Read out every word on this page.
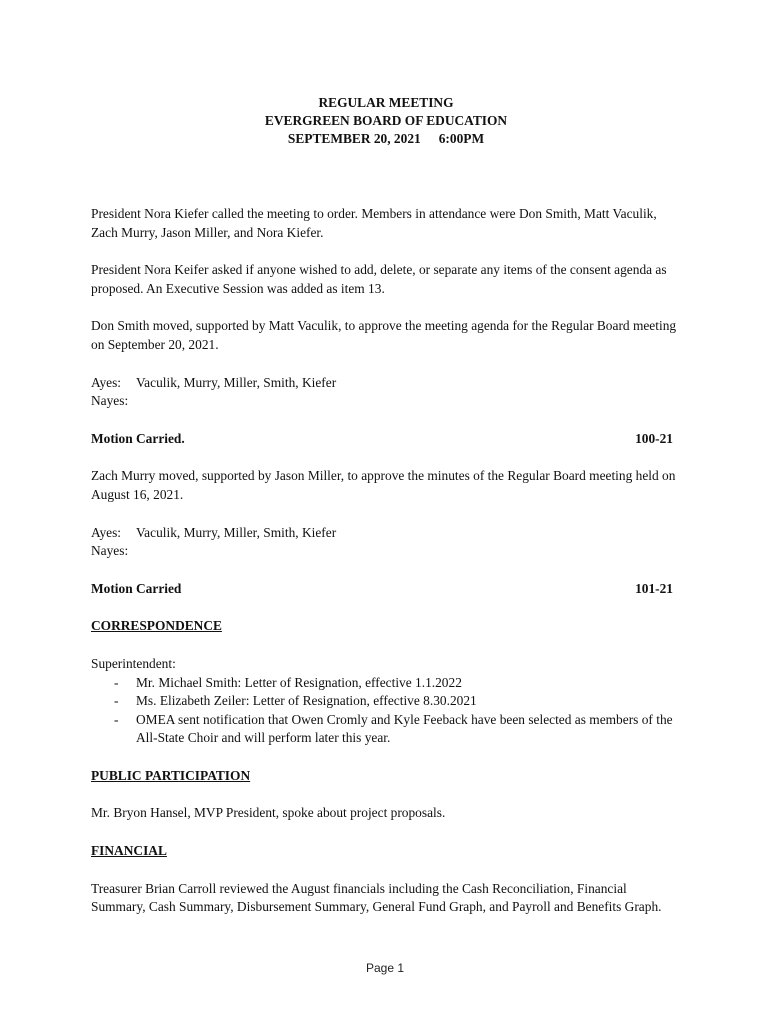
REGULAR MEETING
EVERGREEN BOARD OF EDUCATION
SEPTEMBER 20, 2021 6:00PM

President Nora Kiefer called the meeting to order. Members in attendance were Don Smith, Matt Vaculik, Zach Murry, Jason Miller, and Nora Kiefer.

President Nora Keifer asked if anyone wished to add, delete, or separate any items of the consent agenda as proposed. An Executive Session was added as item 13.

Don Smith moved, supported by Matt Vaculik, to approve the meeting agenda for the Regular Board meeting on September 20, 2021.

Ayes:	Vaculik, Murry, Miller, Smith, Kiefer
Nayes:
Motion Carried.	100-21

Zach Murry moved, supported by Jason Miller, to approve the minutes of the Regular Board meeting held on August 16, 2021.

Ayes:	Vaculik, Murry, Miller, Smith, Kiefer
Nayes:
Motion Carried	101-21

CORRESPONDENCE

Superintendent:

- Mr. Michael Smith: Letter of Resignation, effective 1.1.2022
- Ms. Elizabeth Zeiler: Letter of Resignation, effective 8.30.2021
- OMEA sent notification that Owen Cromly and Kyle Feeback have been selected as members of the All-State Choir and will perform later this year.

PUBLIC PARTICIPATION

Mr. Bryon Hansel, MVP President, spoke about project proposals.

FINANCIAL

Treasurer Brian Carroll reviewed the August financials including the Cash Reconciliation, Financial Summary, Cash Summary, Disbursement Summary, General Fund Graph, and Payroll and Benefits Graph.

Page 1
